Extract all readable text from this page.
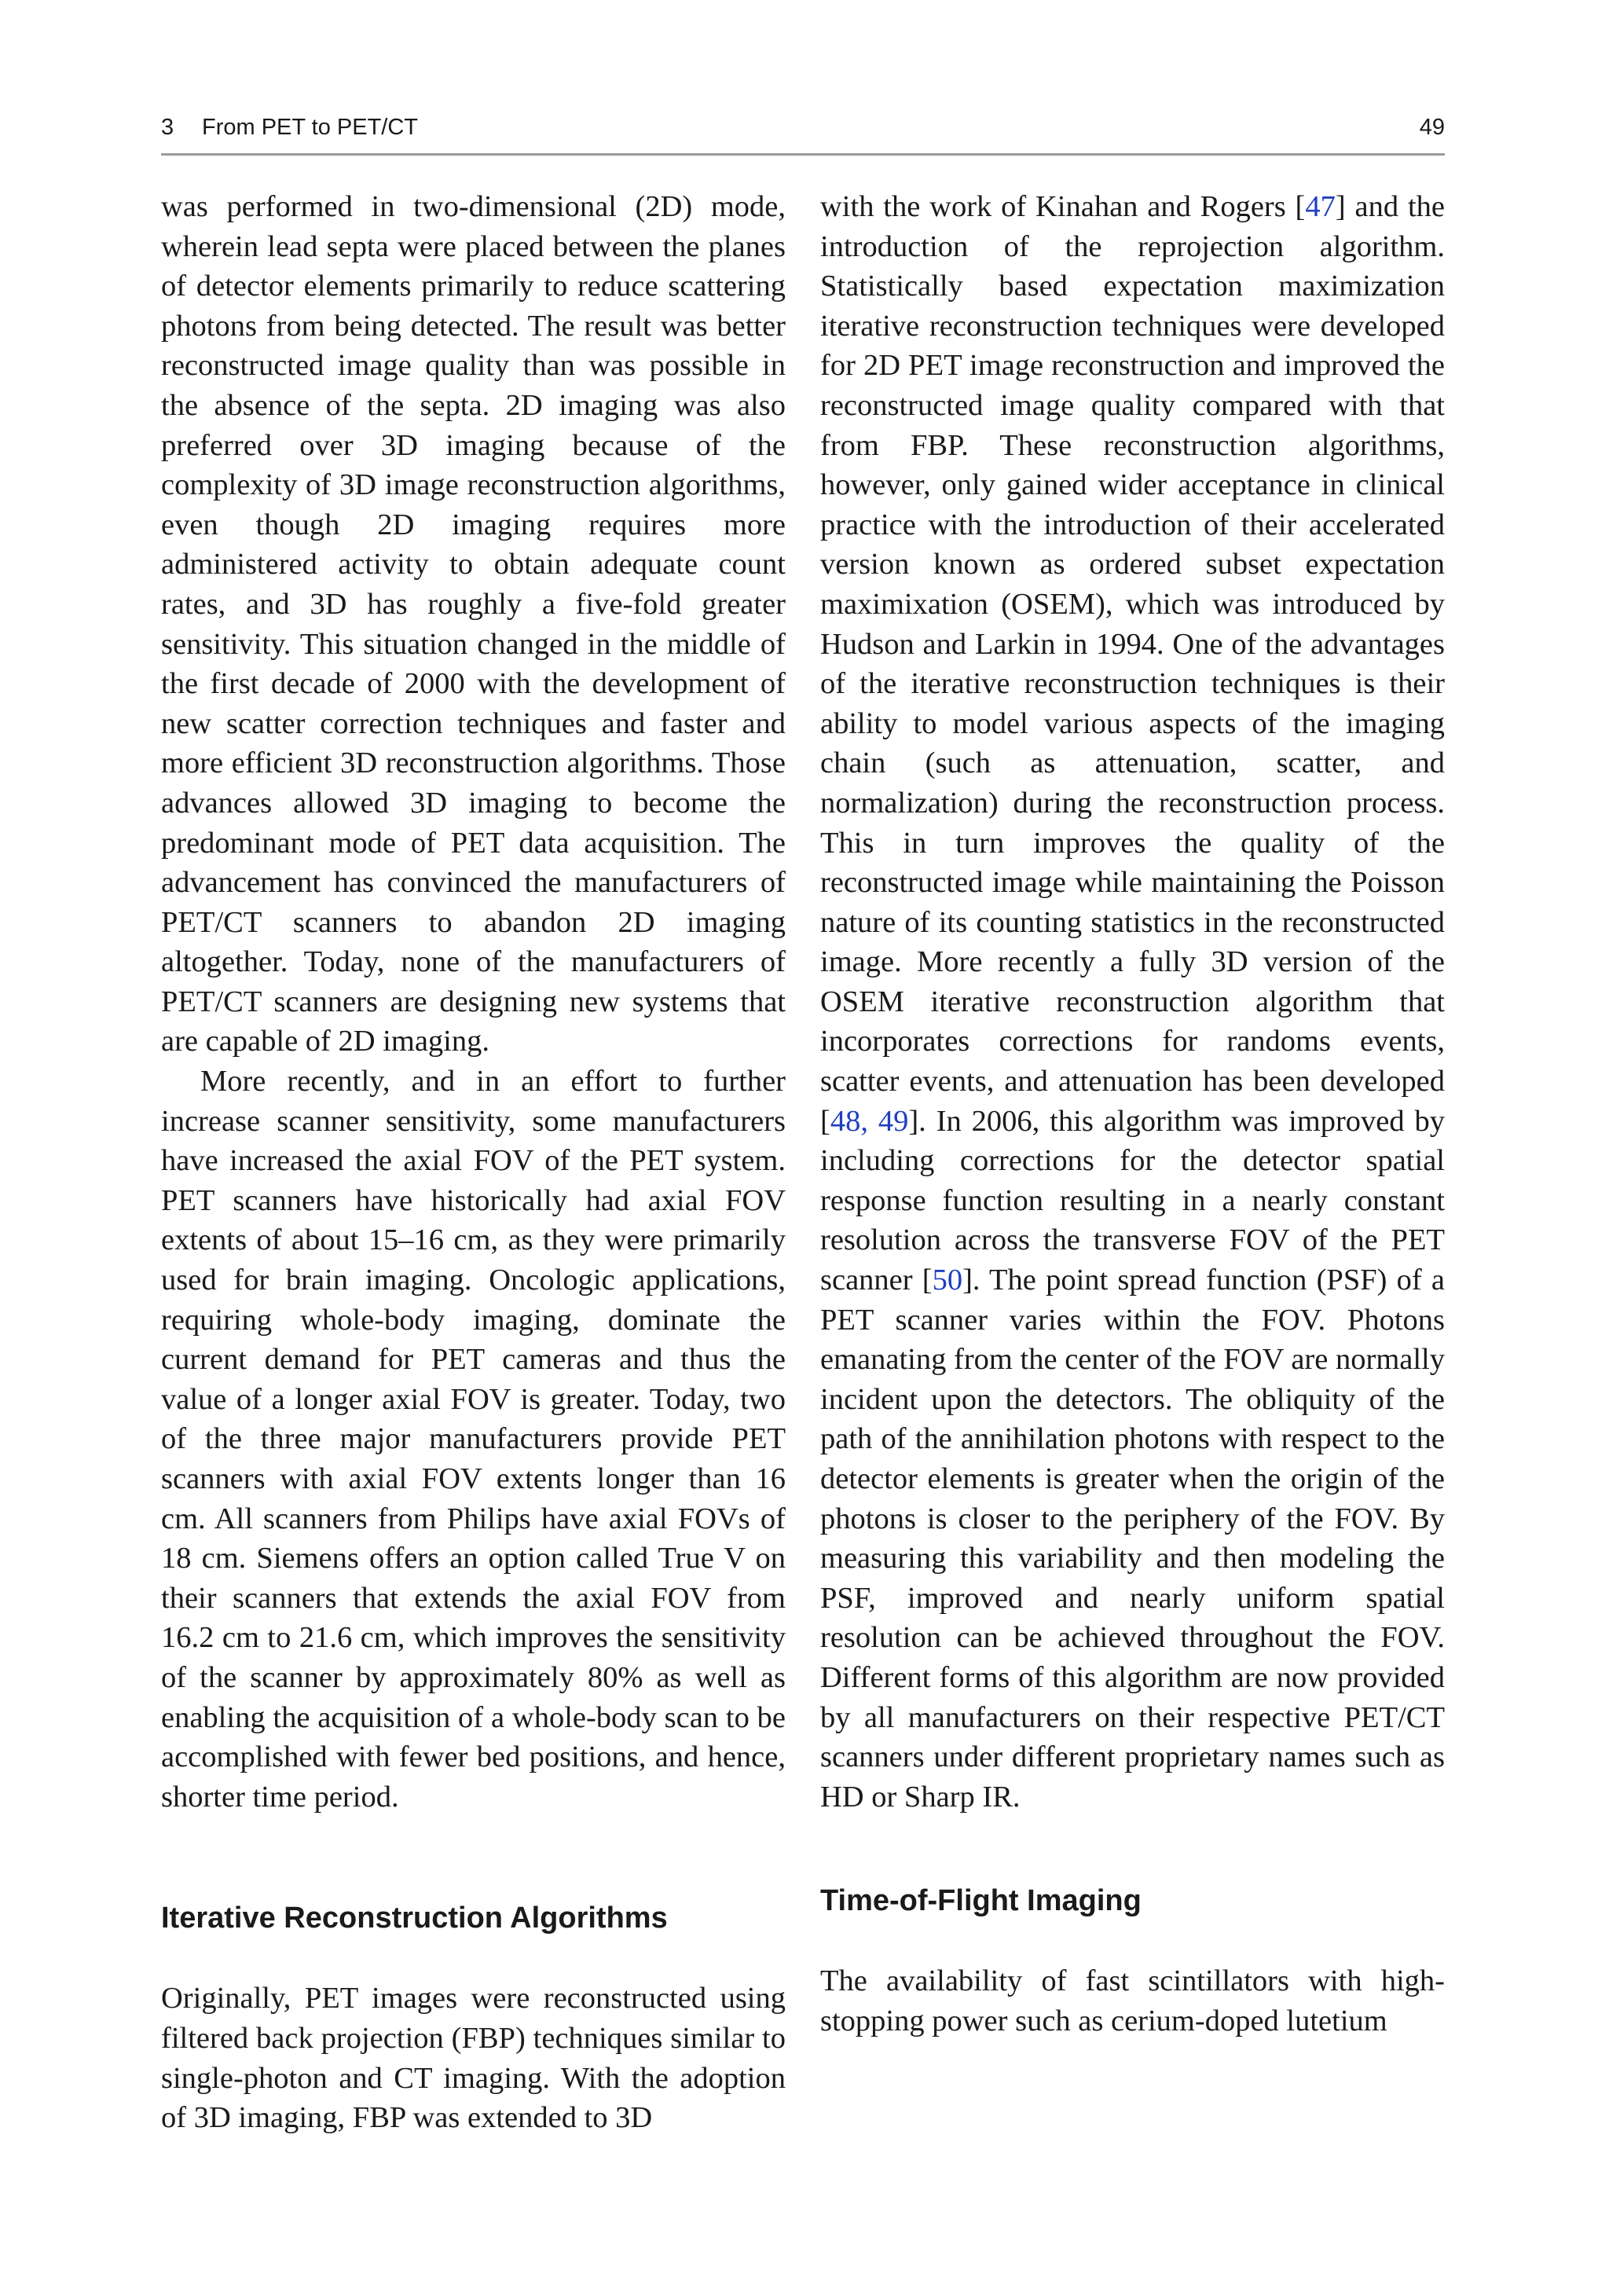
3 From PET to PET/CT	49

was performed in two-dimensional (2D) mode, wherein lead septa were placed between the planes of detector elements primarily to reduce scattering photons from being detected. The result was better reconstructed image quality than was possible in the absence of the septa. 2D imaging was also preferred over 3D imaging because of the complexity of 3D image reconstruction algorithms, even though 2D imaging requires more administered activity to obtain adequate count rates, and 3D has roughly a five-fold greater sensitivity. This situation changed in the middle of the first decade of 2000 with the development of new scatter correction techniques and faster and more efficient 3D reconstruction algorithms. Those advances allowed 3D imaging to become the predominant mode of PET data acquisition. The advancement has convinced the manufacturers of PET/CT scanners to abandon 2D imaging altogether. Today, none of the manufacturers of PET/CT scanners are designing new systems that are capable of 2D imaging.

More recently, and in an effort to further increase scanner sensitivity, some manufacturers have increased the axial FOV of the PET system. PET scanners have historically had axial FOV extents of about 15–16 cm, as they were primarily used for brain imaging. Oncologic applications, requiring whole-body imaging, dominate the current demand for PET cameras and thus the value of a longer axial FOV is greater. Today, two of the three major manufacturers provide PET scanners with axial FOV extents longer than 16 cm. All scanners from Philips have axial FOVs of 18 cm. Siemens offers an option called True V on their scanners that extends the axial FOV from 16.2 cm to 21.6 cm, which improves the sensitivity of the scanner by approximately 80% as well as enabling the acquisition of a whole-body scan to be accomplished with fewer bed positions, and hence, shorter time period.

Iterative Reconstruction Algorithms

Originally, PET images were reconstructed using filtered back projection (FBP) techniques similar to single-photon and CT imaging. With the adoption of 3D imaging, FBP was extended to 3D

with the work of Kinahan and Rogers [47] and the introduction of the reprojection algorithm. Statistically based expectation maximization iterative reconstruction techniques were developed for 2D PET image reconstruction and improved the reconstructed image quality compared with that from FBP. These reconstruction algorithms, however, only gained wider acceptance in clinical practice with the introduction of their accelerated version known as ordered subset expectation maximixation (OSEM), which was introduced by Hudson and Larkin in 1994. One of the advantages of the iterative reconstruction techniques is their ability to model various aspects of the imaging chain (such as attenuation, scatter, and normalization) during the reconstruction process. This in turn improves the quality of the reconstructed image while maintaining the Poisson nature of its counting statistics in the reconstructed image. More recently a fully 3D version of the OSEM iterative reconstruction algorithm that incorporates corrections for randoms events, scatter events, and attenuation has been developed [48, 49]. In 2006, this algorithm was improved by including corrections for the detector spatial response function resulting in a nearly constant resolution across the transverse FOV of the PET scanner [50]. The point spread function (PSF) of a PET scanner varies within the FOV. Photons emanating from the center of the FOV are normally incident upon the detectors. The obliquity of the path of the annihilation photons with respect to the detector elements is greater when the origin of the photons is closer to the periphery of the FOV. By measuring this variability and then modeling the PSF, improved and nearly uniform spatial resolution can be achieved throughout the FOV. Different forms of this algorithm are now provided by all manufacturers on their respective PET/CT scanners under different proprietary names such as HD or Sharp IR.

Time-of-Flight Imaging

The availability of fast scintillators with high-stopping power such as cerium-doped lutetium
